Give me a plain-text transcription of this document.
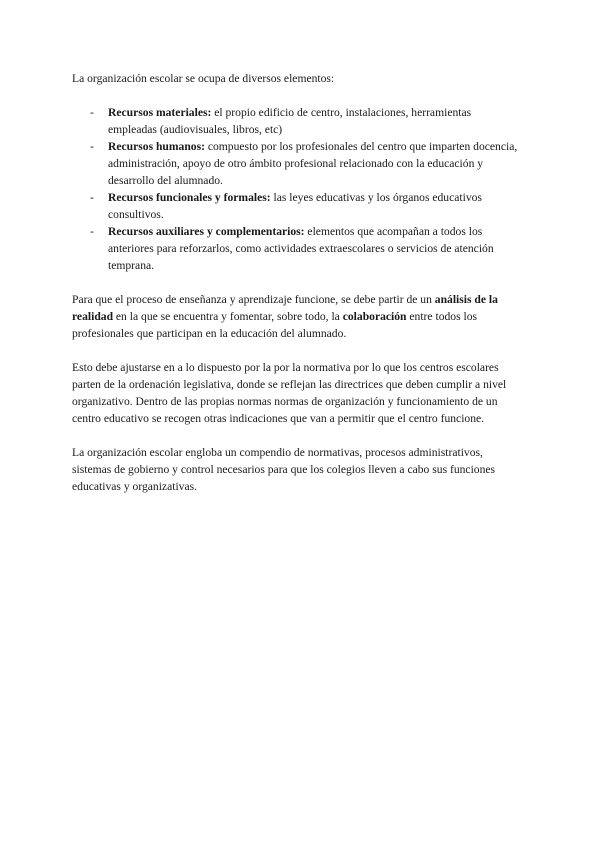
La organización escolar se ocupa de diversos elementos:

- Recursos materiales: el propio edificio de centro, instalaciones, herramientas empleadas (audiovisuales, libros, etc)
- Recursos humanos: compuesto por los profesionales del centro que imparten docencia, administración, apoyo de otro ámbito profesional relacionado con la educación y desarrollo del alumnado.
- Recursos funcionales y formales: las leyes educativas y los órganos educativos consultivos.
- Recursos auxiliares y complementarios: elementos que acompañan a todos los anteriores para reforzarlos, como actividades extraescolares o servicios de atención temprana.

Para que el proceso de enseñanza y aprendizaje funcione, se debe partir de un análisis de la realidad en la que se encuentra y fomentar, sobre todo, la colaboración entre todos los profesionales que participan en la educación del alumnado.

Esto debe ajustarse en a lo dispuesto por la por la normativa por lo que los centros escolares parten de la ordenación legislativa, donde se reflejan las directrices que deben cumplir a nivel organizativo. Dentro de las propias normas normas de organización y funcionamiento de un centro educativo se recogen otras indicaciones que van a permitir que el centro funcione.

La organización escolar engloba un compendio de normativas, procesos administrativos, sistemas de gobierno y control necesarios para que los colegios lleven a cabo sus funciones educativas y organizativas.
